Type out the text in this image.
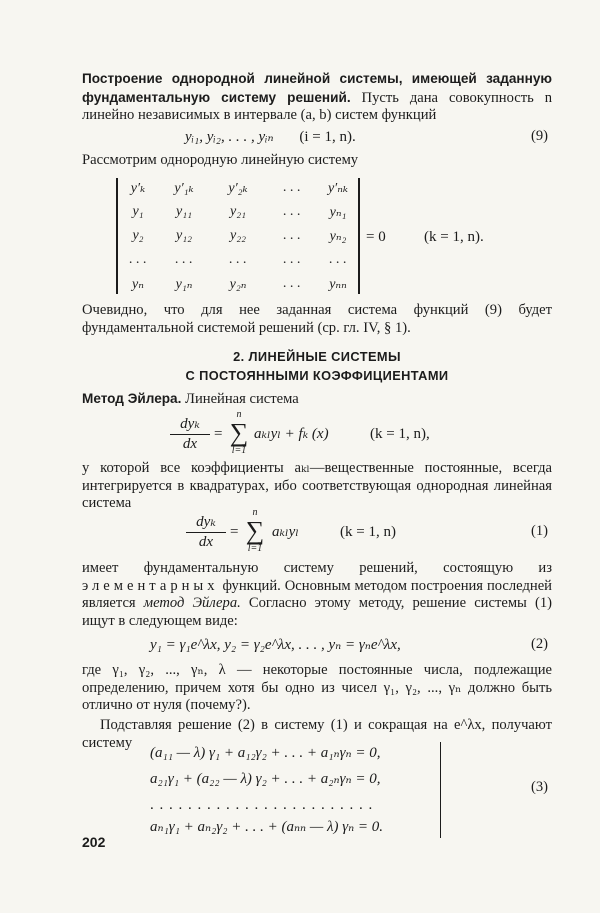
Построение однородной линейной системы, имеющей заданную фундаментальную систему решений. Пусть дана совокупность n линейно независимых в интервале (a, b) систем функций
yᵢ₁, yᵢ₂, . . . , yᵢₙ (i = 1, n).	(9)
Рассмотрим однородную линейную систему
y′ₖ	y′₁ₖ	y′₂ₖ	. . .	y′ₙₖ
y₁	y₁₁	y₂₁	. . .	yₙ₁
y₂	y₁₂	y₂₂	. . .	yₙ₂
. . .	. . .	. . .	. . .	. . .
yₙ	y₁ₙ	y₂ₙ	. . .	yₙₙ
= 0	(k = 1, n).
Очевидно, что для нее заданная система функций (9) будет фундаментальной системой решений (ср. гл. IV, § 1).
2. ЛИНЕЙНЫЕ СИСТЕМЫ
С ПОСТОЯННЫМИ КОЭФФИЦИЕНТАМИ
Метод Эйлера. Линейная система
dyₖ
dx
=
n
∑
l=1
aₖₗyₗ + fₖ (x)	(k = 1, n),
у которой все коэффициенты aₖₗ—вещественные постоянные, всегда интегрируется в квадратурах, ибо соответствующая однородная линейная система
dyₖ
dx
=
n
∑
l=1
aₖₗyₗ	(k = 1, n)	(1)
имеет фундаментальную систему решений, состоящую из элементарных функций. Основным методом построения последней является метод Эйлера. Согласно этому методу, решение системы (1) ищут в следующем виде:
y₁ = γ₁e^λx, y₂ = γ₂e^λx, . . . , yₙ = γₙe^λx,	(2)
где γ₁, γ₂, ..., γₙ, λ — некоторые постоянные числа, подлежащие определению, причем хотя бы одно из чисел γ₁, γ₂, ..., γₙ должно быть отлично от нуля (почему?).
Подставляя решение (2) в систему (1) и сокращая на e^λx, получают систему
(a₁₁ — λ) γ₁ + a₁₂γ₂ + . . . + a₁ₙγₙ = 0,
a₂₁γ₁ + (a₂₂ — λ) γ₂ + . . . + a₂ₙγₙ = 0,
. . . . . . . . . . . . . . . . . . . . . . . .
aₙ₁γ₁ + aₙ₂γ₂ + . . . + (aₙₙ — λ) γₙ = 0.
(3)
202
